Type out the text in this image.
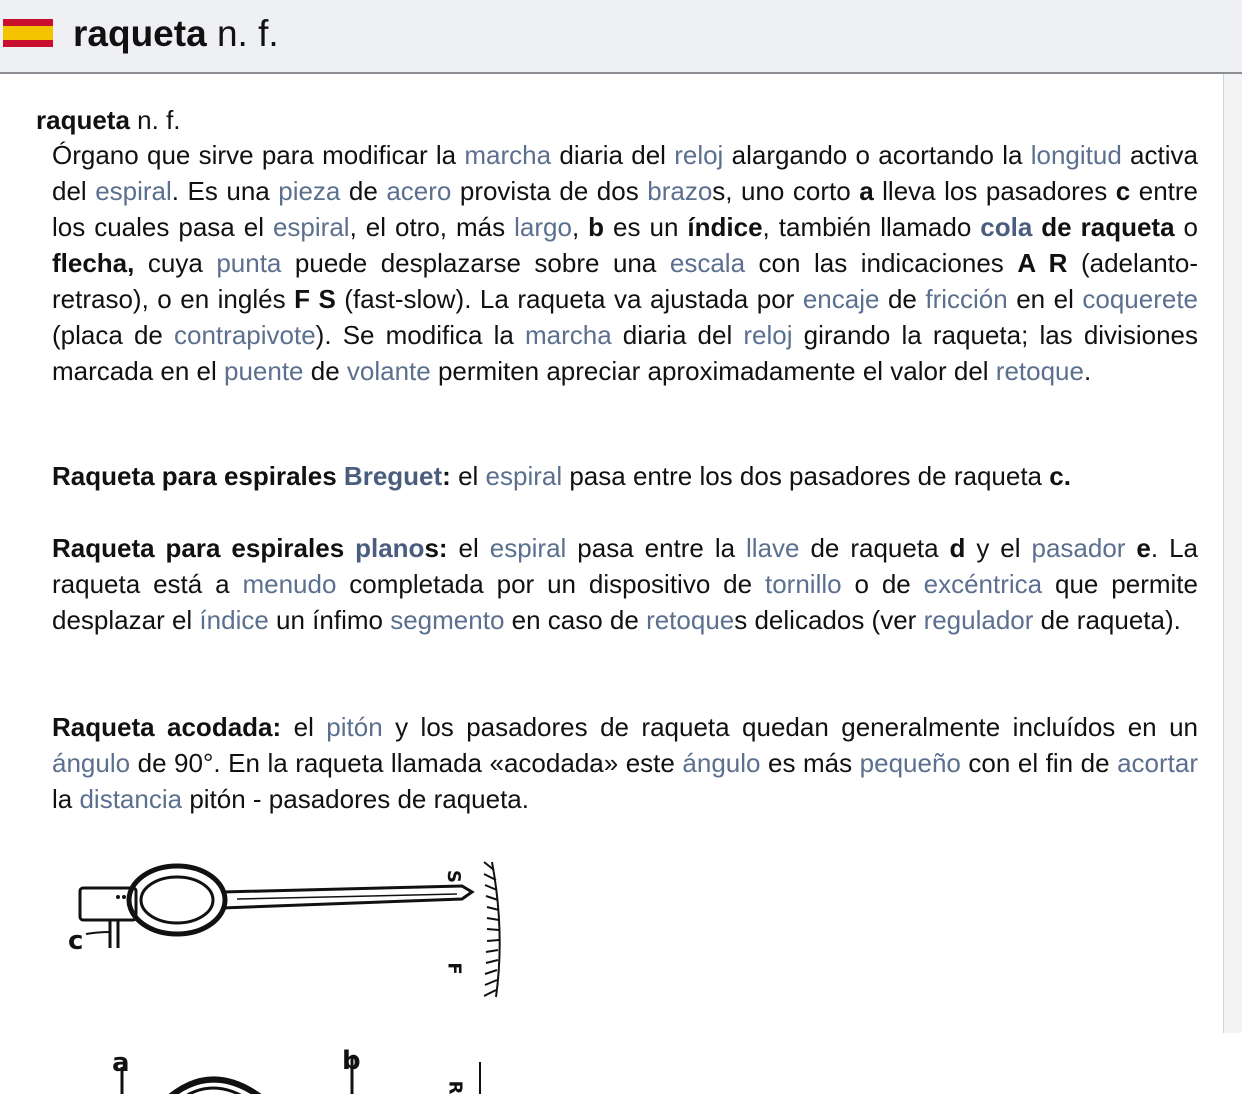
raqueta n. f.
raqueta n. f.
Órgano que sirve para modificar la marcha diaria del reloj alargando o acortando la longitud activa del espiral. Es una pieza de acero provista de dos brazos, uno corto a lleva los pasadores c entre los cuales pasa el espiral, el otro, más largo, b es un índice, también llamado cola de raqueta o flecha, cuya punta puede desplazarse sobre una escala con las indicaciones A R (adelanto-retraso), o en inglés F S (fast-slow). La raqueta va ajustada por encaje de fricción en el coquerete (placa de contrapivote). Se modifica la marcha diaria del reloj girando la raqueta; las divisiones marcada en el puente de volante permiten apreciar aproximadamente el valor del retoque.
Raqueta para espirales Breguet: el espiral pasa entre los dos pasadores de raqueta c.
Raqueta para espirales planos: el espiral pasa entre la llave de raqueta d y el pasador e. La raqueta está a menudo completada por un dispositivo de tornillo o de excéntrica que permite desplazar el índice un ínfimo segmento en caso de retoques delicados (ver regulador de raqueta).
Raqueta acodada: el pitón y los pasadores de raqueta quedan generalmente incluídos en un ángulo de 90°. En la raqueta llamada «acodada» este ángulo es más pequeño con el fin de acortar la distancia pitón - pasadores de raqueta.
c
a	b
S
F
R
